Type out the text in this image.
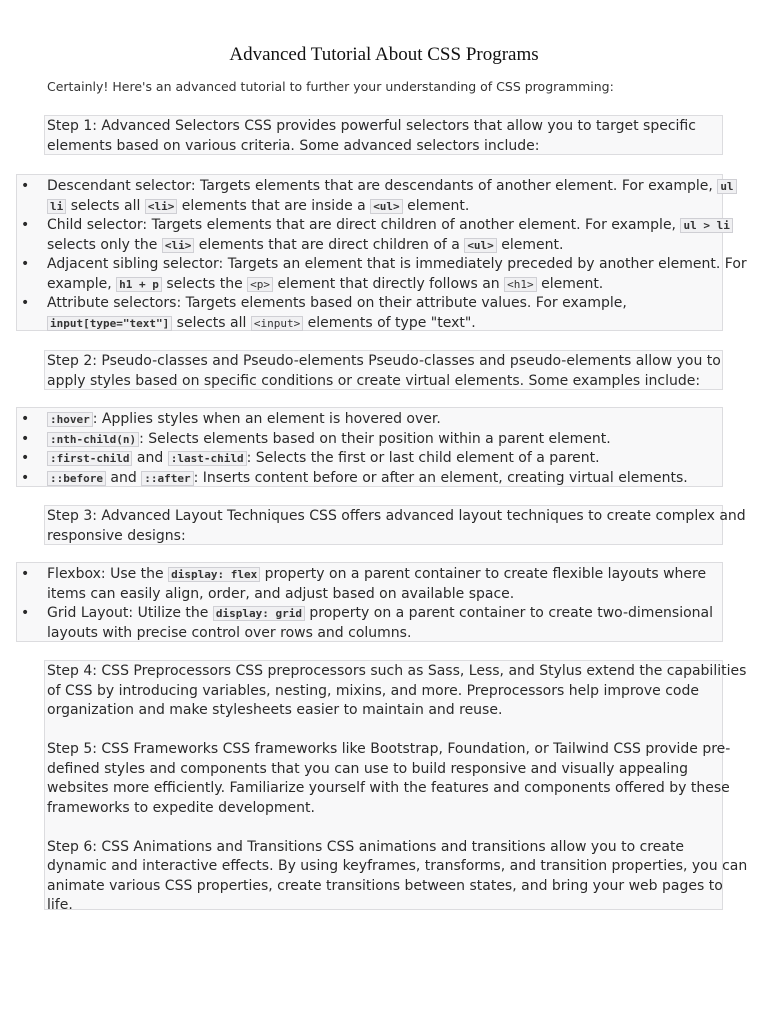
Advanced Tutorial About CSS Programs
Certainly! Here's an advanced tutorial to further your understanding of CSS programming:
Step 1: Advanced Selectors CSS provides powerful selectors that allow you to target specific
elements based on various criteria. Some advanced selectors include:
• Descendant selector: Targets elements that are descendants of another element. For example, ul
li selects all <li> elements that are inside a <ul> element.
• Child selector: Targets elements that are direct children of another element. For example, ul > li
selects only the <li> elements that are direct children of a <ul> element.
• Adjacent sibling selector: Targets an element that is immediately preceded by another element. For
example, h1 + p selects the <p> element that directly follows an <h1> element.
• Attribute selectors: Targets elements based on their attribute values. For example,
input[type="text"] selects all <input> elements of type "text".
Step 2: Pseudo-classes and Pseudo-elements Pseudo-classes and pseudo-elements allow you to
apply styles based on specific conditions or create virtual elements. Some examples include:
• :hover : Applies styles when an element is hovered over.
• :nth-child(n) : Selects elements based on their position within a parent element.
• :first-child and :last-child : Selects the first or last child element of a parent.
• ::before and ::after : Inserts content before or after an element, creating virtual elements.
Step 3: Advanced Layout Techniques CSS offers advanced layout techniques to create complex and
responsive designs:
• Flexbox: Use the display: flex property on a parent container to create flexible layouts where
items can easily align, order, and adjust based on available space.
• Grid Layout: Utilize the display: grid property on a parent container to create two-dimensional
layouts with precise control over rows and columns.
Step 4: CSS Preprocessors CSS preprocessors such as Sass, Less, and Stylus extend the capabilities
of CSS by introducing variables, nesting, mixins, and more. Preprocessors help improve code
organization and make stylesheets easier to maintain and reuse.
Step 5: CSS Frameworks CSS frameworks like Bootstrap, Foundation, or Tailwind CSS provide pre-
defined styles and components that you can use to build responsive and visually appealing
websites more efficiently. Familiarize yourself with the features and components offered by these
frameworks to expedite development.
Step 6: CSS Animations and Transitions CSS animations and transitions allow you to create
dynamic and interactive effects. By using keyframes, transforms, and transition properties, you can
animate various CSS properties, create transitions between states, and bring your web pages to
life.
